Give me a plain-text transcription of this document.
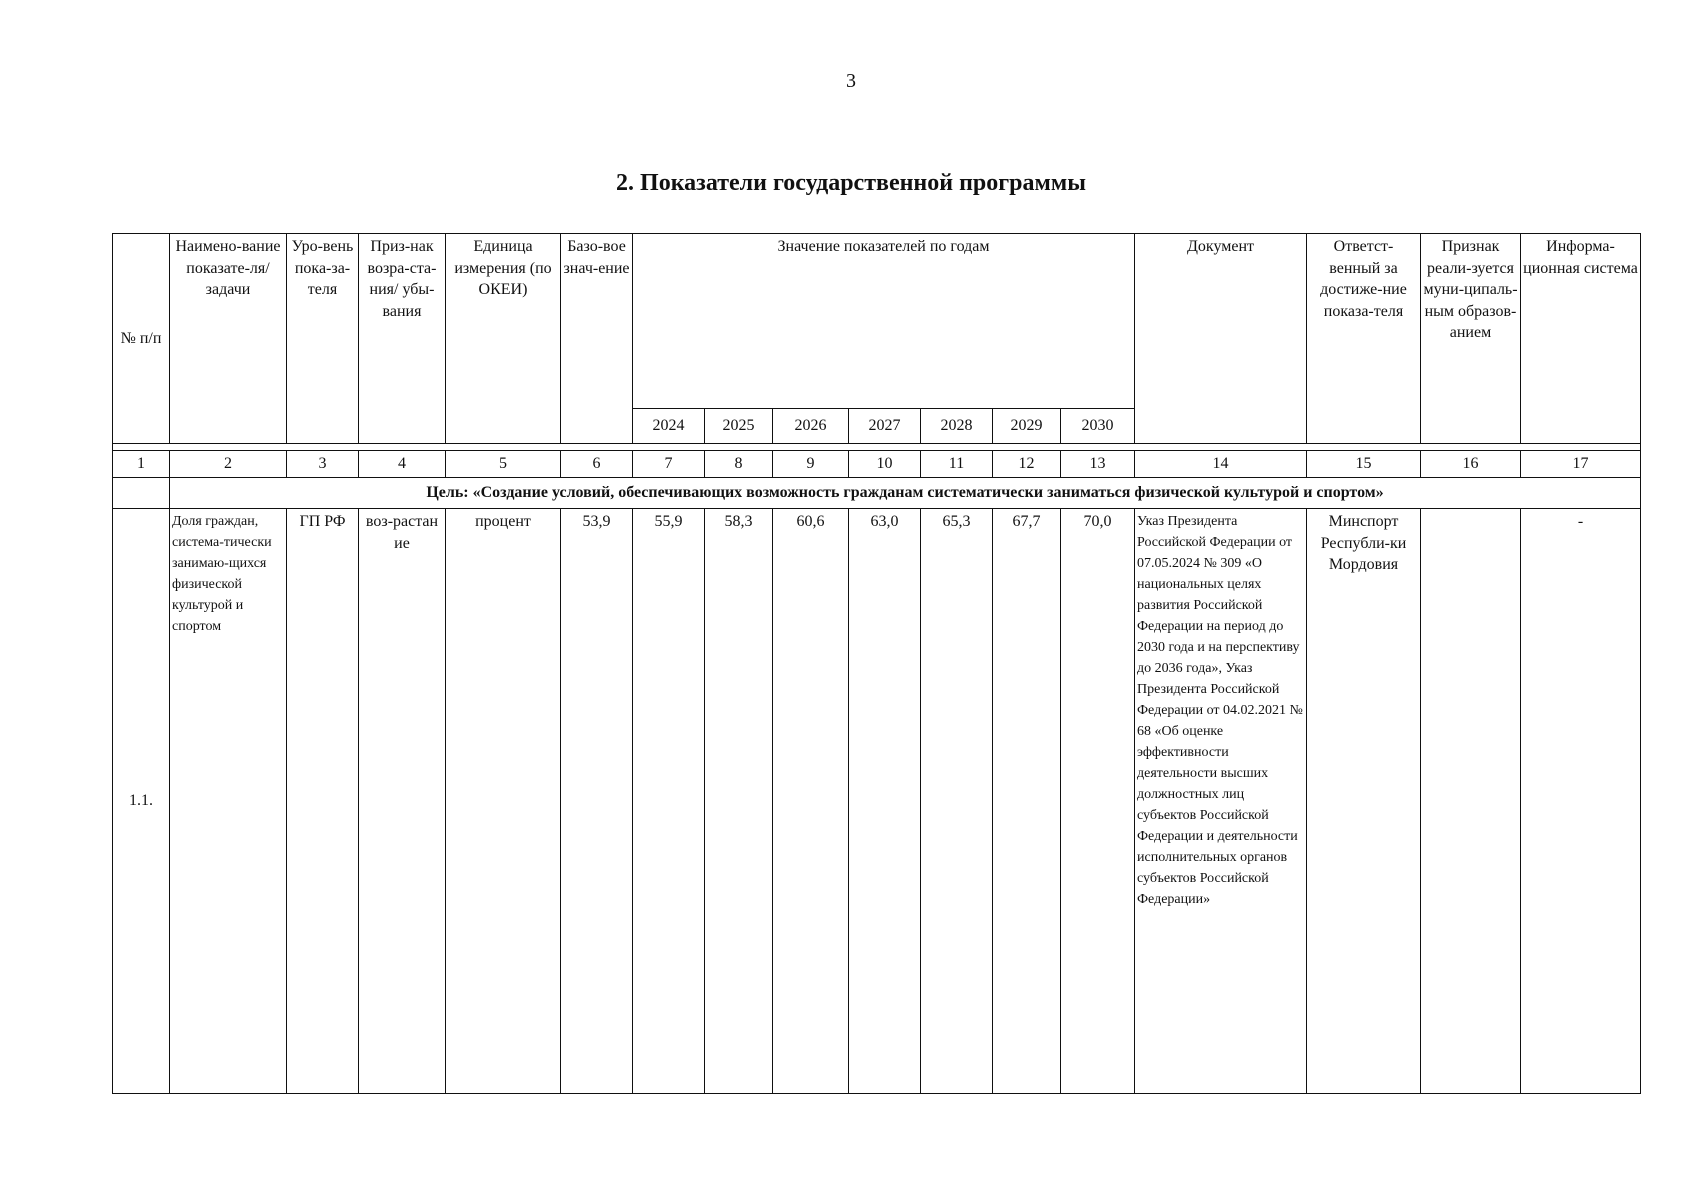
3
2. Показатели государственной программы
№ п/п	Наимено-вание показате-ля/ задачи	Уро-вень пока-за-теля	Приз-нак возра-ста-ния/ убы-вания	Единица измерения (по ОКЕИ)	Базо-вое знач-ение	Значение показателей по годам							Документ	Ответст-венный за достиже-ние показа-теля	Признак реали-зуется муни-ципаль-ным образов-анием	Информа-ционная система
						2024	2025	2026	2027	2028	2029	2030				

1	2	3	4	5	6	7	8	9	10	11	12	13	14	15	16	17
	Цель: «Создание условий, обеспечивающих возможность гражданам систематически заниматься физической культурой и спортом»															
1.1.	Доля граждан, система-тически занимаю-щихся физической культурой и спортом	ГП РФ	воз-растан ие	процент	53,9	55,9	58,3	60,6	63,0	65,3	67,7	70,0	Указ Президента Российской Федерации от 07.05.2024 № 309 «О национальных целях развития Российской Федерации на период до 2030 года и на перспективу до 2036 года», Указ Президента Российской Федерации от 04.02.2021 № 68 «Об оценке эффективности деятельности высших должностных лиц субъектов Российской Федерации и деятельности исполнительных органов субъектов Российской Федерации»	Минспорт Республи-ки Мордовия		-
